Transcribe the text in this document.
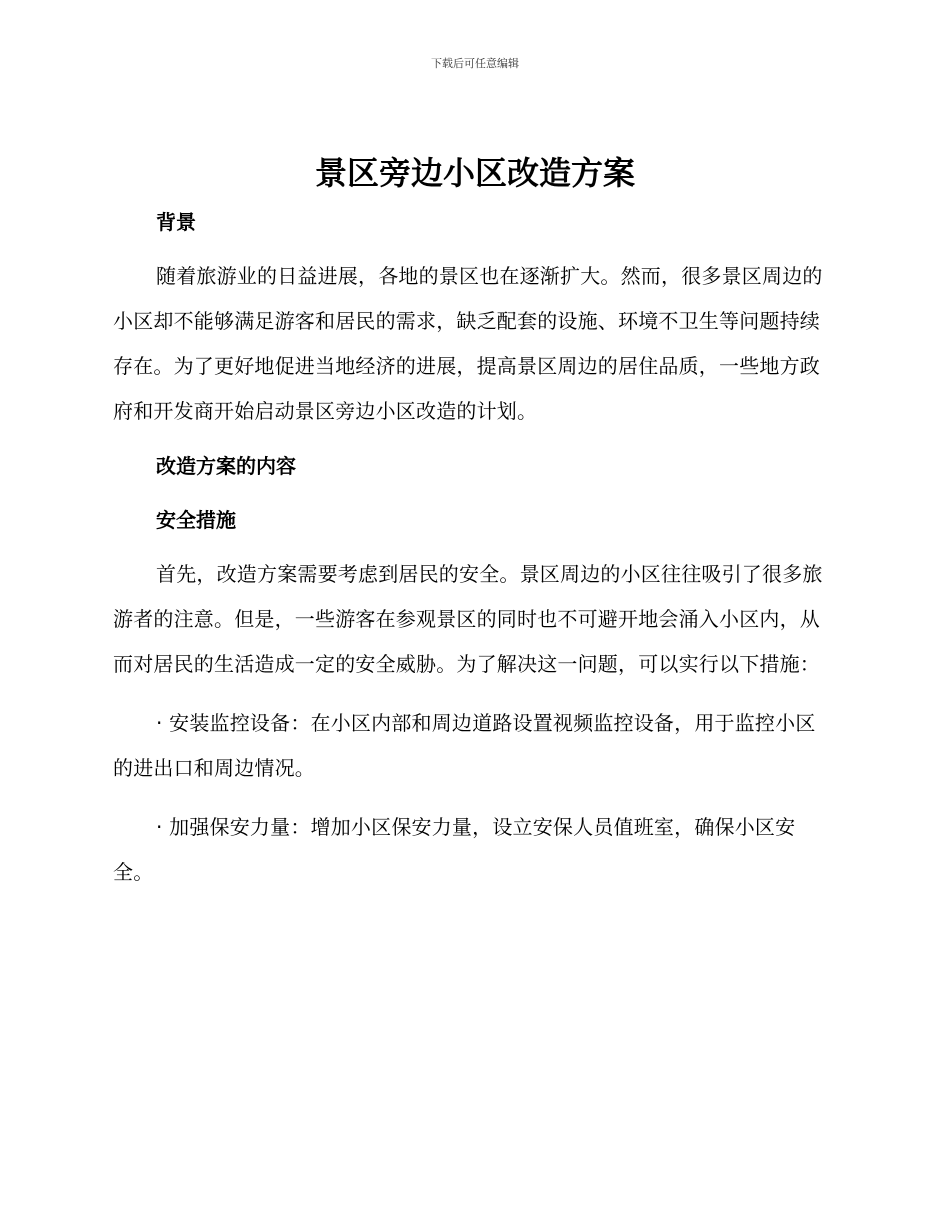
下载后可任意编辑
景区旁边小区改造方案

背景

随着旅游业的日益进展，各地的景区也在逐渐扩大。然而，很多景区周边的小区却不能够满足游客和居民的需求，缺乏配套的设施、环境不卫生等问题持续存在。为了更好地促进当地经济的进展，提高景区周边的居住品质，一些地方政府和开发商开始启动景区旁边小区改造的计划。

改造方案的内容

安全措施

首先，改造方案需要考虑到居民的安全。景区周边的小区往往吸引了很多旅游者的注意。但是，一些游客在参观景区的同时也不可避开地会涌入小区内，从而对居民的生活造成一定的安全威胁。为了解决这一问题，可以实行以下措施：

· 安装监控设备：在小区内部和周边道路设置视频监控设备，用于监控小区的进出口和周边情况。

· 加强保安力量：增加小区保安力量，设立安保人员值班室，确保小区安全。
